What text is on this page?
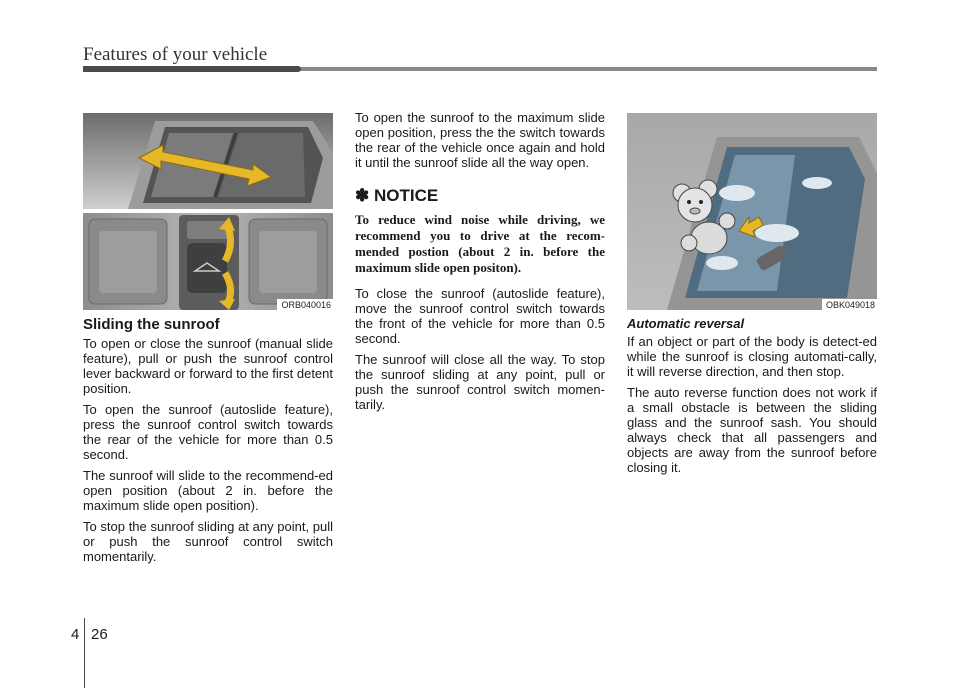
Features of your vehicle
ORB040016	OBK049018
Sliding the sunroof

To open or close the sunroof (manual slide feature), pull or push the sunroof control lever backward or forward to the first detent position.

To open the sunroof (autoslide feature), press the sunroof control switch towards the rear of the vehicle for more than 0.5 second.

The sunroof will slide to the recommend-ed open position (about 2 in. before the maximum slide open position).

To stop the sunroof sliding at any point, pull or push the sunroof control switch momentarily.

To open the sunroof to the maximum slide open position, press the the switch towards the rear of the vehicle once again and hold it until the sunroof slide all the way open.

✽ NOTICE

To reduce wind noise while driving, we recommend you to drive at the recom-mended postion (about 2 in. before the maximum slide open positon).

To close the sunroof (autoslide feature), move the sunroof control switch towards the front of the vehicle for more than 0.5 second.

The sunroof will close all the way. To stop the sunroof sliding at any point, pull or push the sunroof control switch momen-tarily.

Automatic reversal

If an object or part of the body is detect-ed while the sunroof is closing automati-cally, it will reverse direction, and then stop.

The auto reverse function does not work if a small obstacle is between the sliding glass and the sunroof sash. You should always check that all passengers and objects are away from the sunroof before closing it.

4 26
